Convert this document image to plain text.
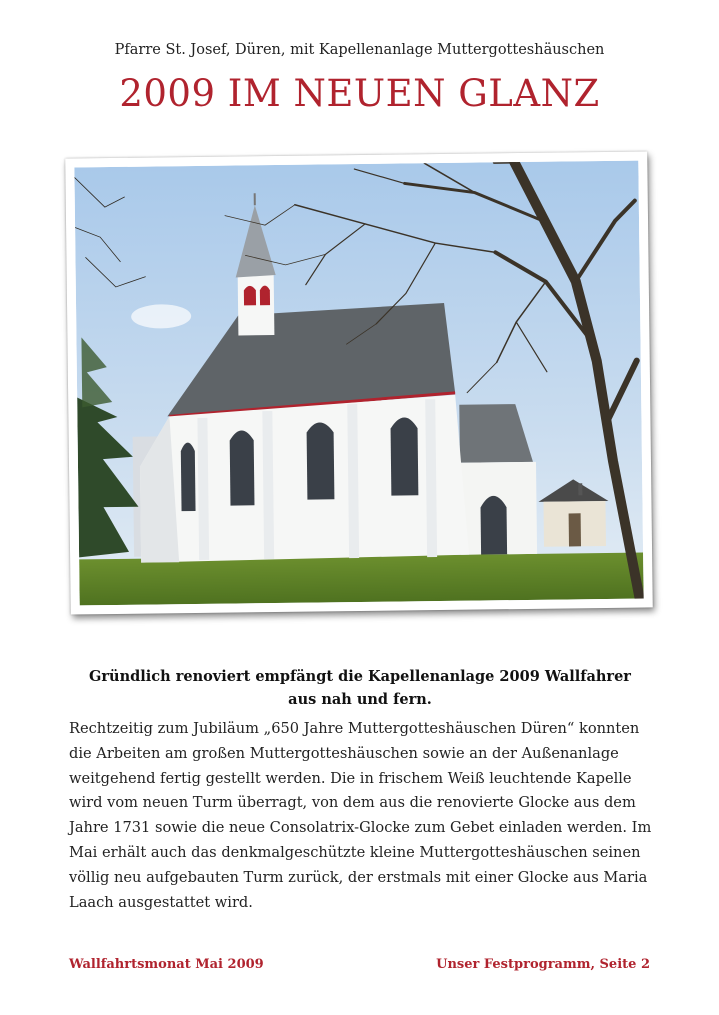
Pfarre St. Josef, Düren, mit Kapellenanlage Muttergotteshäuschen
2009 IM NEUEN GLANZ
Gründlich renoviert empfängt die Kapellenanlage 2009 Wallfahrer aus nah und fern.
Rechtzeitig zum Jubiläum „650 Jahre Muttergotteshäuschen Düren“ konnten die Arbeiten am großen Muttergotteshäuschen sowie an der Außenanlage weitgehend fertig gestellt werden. Die in frischem Weiß leuchtende Kapelle wird vom neuen Turm überragt, von dem aus die renovierte Glocke aus dem Jahre 1731 sowie die neue Consolatrix-Glocke zum Gebet einladen werden. Im Mai erhält auch das denkmalgeschützte kleine Muttergotteshäuschen seinen völlig neu aufgebauten Turm zurück, der erstmals mit einer Glocke aus Maria Laach ausgestattet wird.
Wallfahrtsmonat Mai 2009	Unser Festprogramm, Seite 2
